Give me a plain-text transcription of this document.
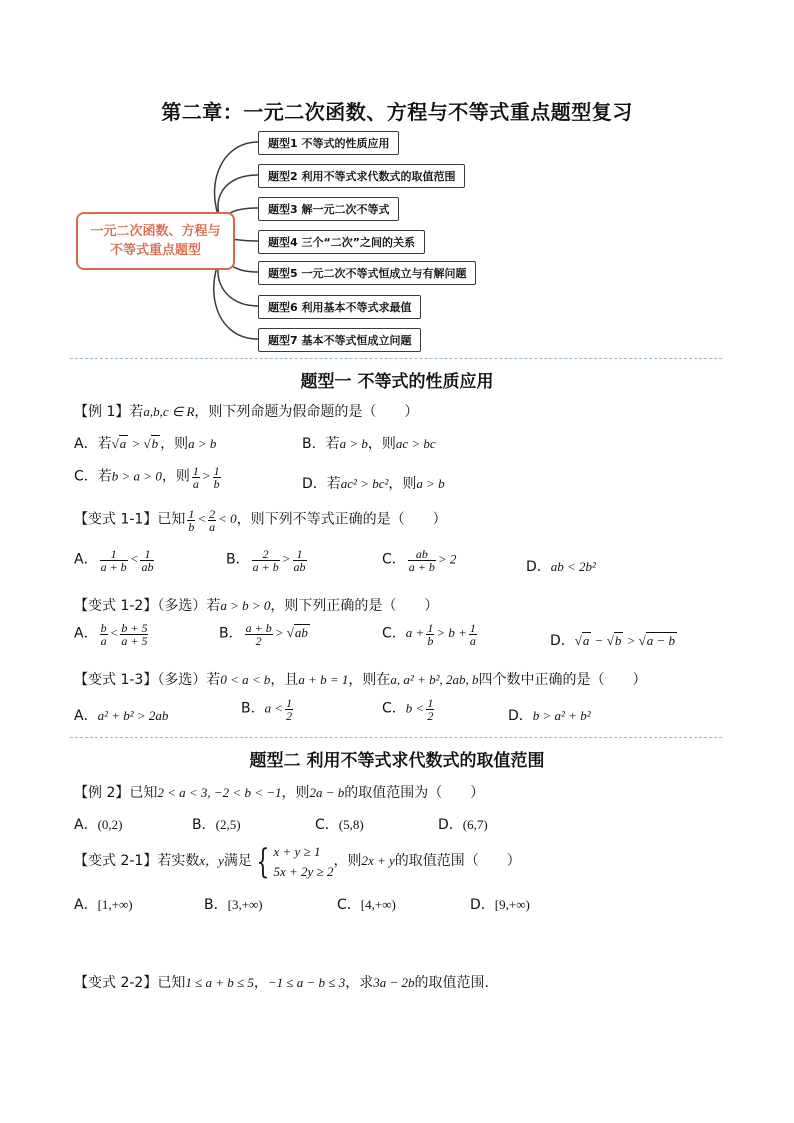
第二章：一元二次函数、方程与不等式重点题型复习
一元二次函数、方程与
不等式重点题型
题型1 不等式的性质应用
题型2 利用不等式求代数式的取值范围
题型3 解一元二次不等式
题型4 三个“二次”之间的关系
题型5 一元二次不等式恒成立与有解问题
题型6 利用基本不等式求最值
题型7 基本不等式恒成立问题
题型一 不等式的性质应用
【例 1】若a,b,c ∈ R，则下列命题为假命题的是（　　）
A．若√a > √b ，则a > b	B．若a > b，则ac > bc
C．若b > a > 0，则 $\frac{1}{a} > \frac{1}{b}$	D．若ac² > bc²，则a > b
【变式 1-1】已知 $\frac{1}{b} < \frac{2}{a} < 0$，则下列不等式正确的是（　　）
A． $\frac{1}{a + b} < \frac{1}{ab}$	B． $\frac{2}{a + b} > \frac{1}{ab}$	C． $\frac{ab}{a + b} > 2$
D．ab < 2b²
【变式 1-2】（多选）若a > b > 0，则下列正确的是（　　）
A． $\frac{b}{a} < \frac{b + 5}{a + 5}$	B． $\frac{a + b}{2} > √ab$	C．$a + \frac{1}{b} > b + \frac{1}{a}$	D．√a − √b > √a − b
【变式 1-3】（多选）若0 < a < b，且a + b = 1，则在a, a² + b², 2ab, b四个数中正确的是（　　）
A．a² + b² > 2ab	B．$a < \frac{1}{2}$	C．$b < \frac{1}{2}$	D．b > a² + b²
题型二 利用不等式求代数式的取值范围
【例 2】已知2 < a < 3, −2 < b < −1，则2a − b的取值范围为（　　）
A．(0,2)	B．(2,5)	C．(5,8)	D．(6,7)
【变式 2-1】若实数x，y满足 { x + y ≥ 1
5x + 2y ≥ 2，则2x + y的取值范围（　　）
A．[1,+∞)	B．[3,+∞)	C．[4,+∞)	D．[9,+∞)
【变式 2-2】已知1 ≤ a + b ≤ 5，−1 ≤ a − b ≤ 3，求3a − 2b的取值范围.
